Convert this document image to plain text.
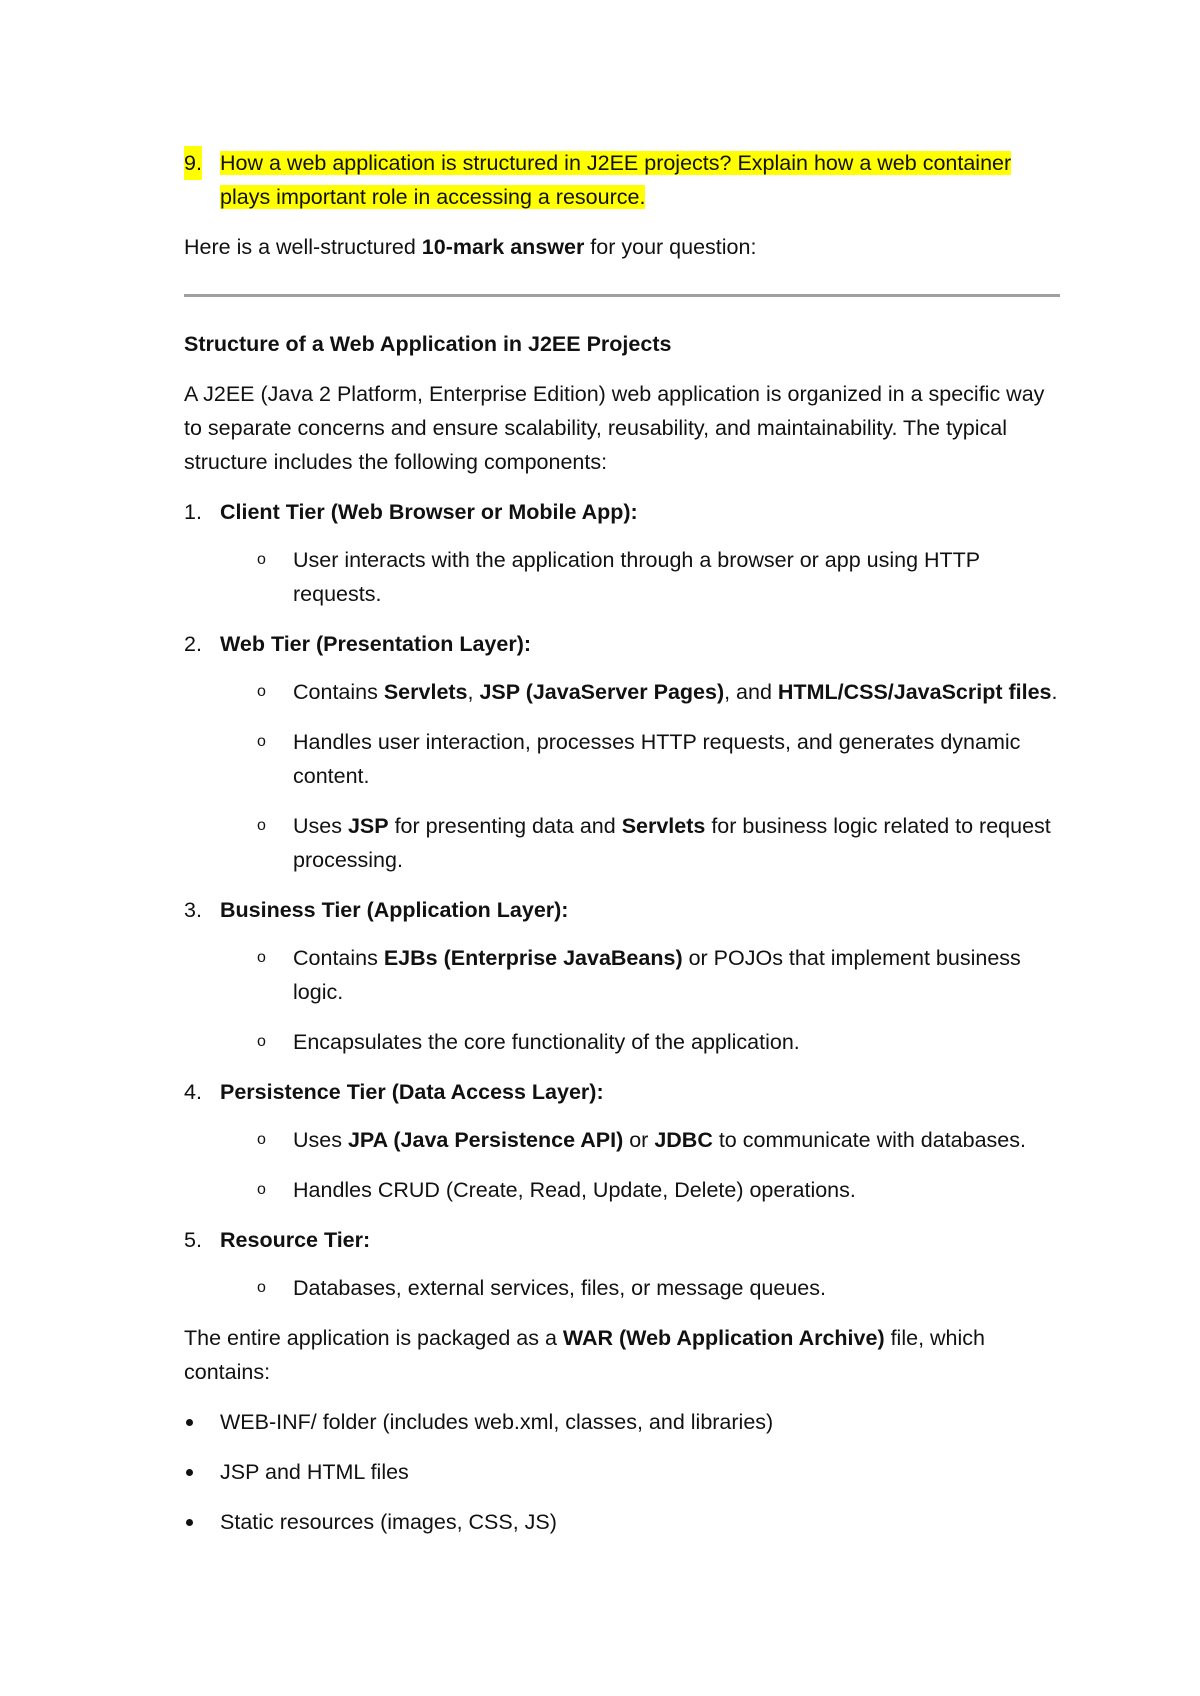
9. How a web application is structured in J2EE projects? Explain how a web container plays important role in accessing a resource.

Here is a well-structured 10-mark answer for your question:

Structure of a Web Application in J2EE Projects

A J2EE (Java 2 Platform, Enterprise Edition) web application is organized in a specific way to separate concerns and ensure scalability, reusability, and maintainability. The typical structure includes the following components:

1. Client Tier (Web Browser or Mobile App):
o User interacts with the application through a browser or app using HTTP requests.
2. Web Tier (Presentation Layer):
o Contains Servlets, JSP (JavaServer Pages), and HTML/CSS/JavaScript files.
o Handles user interaction, processes HTTP requests, and generates dynamic content.
o Uses JSP for presenting data and Servlets for business logic related to request processing.
3. Business Tier (Application Layer):
o Contains EJBs (Enterprise JavaBeans) or POJOs that implement business logic.
o Encapsulates the core functionality of the application.
4. Persistence Tier (Data Access Layer):
o Uses JPA (Java Persistence API) or JDBC to communicate with databases.
o Handles CRUD (Create, Read, Update, Delete) operations.
5. Resource Tier:
o Databases, external services, files, or message queues.

The entire application is packaged as a WAR (Web Application Archive) file, which contains:

WEB-INF/ folder (includes web.xml, classes, and libraries)
JSP and HTML files
Static resources (images, CSS, JS)
